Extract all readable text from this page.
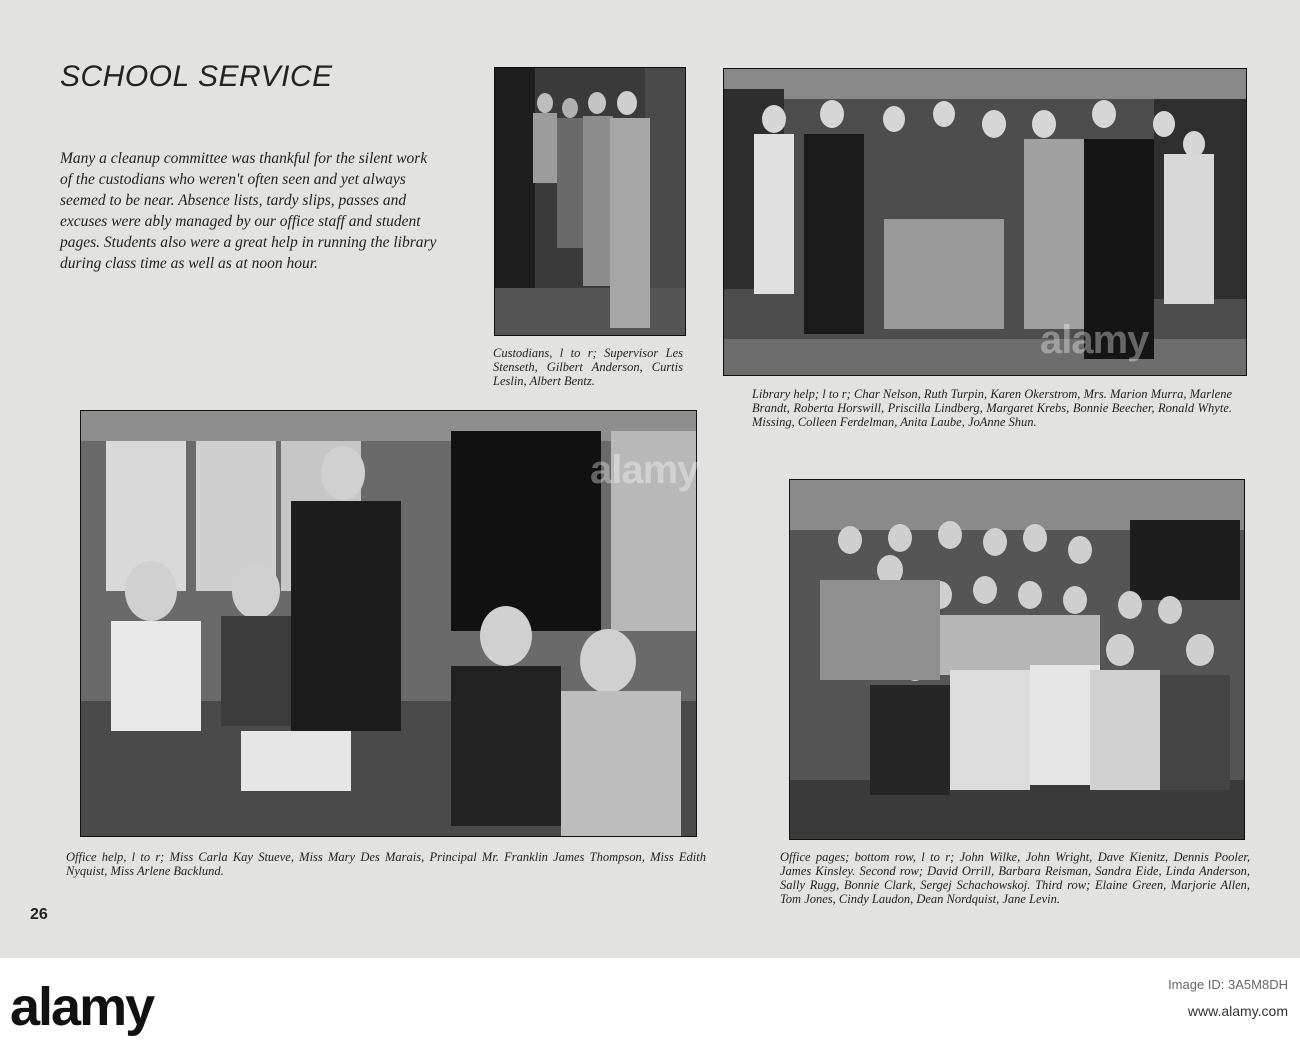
SCHOOL SERVICE

Many a cleanup committee was thankful for the silent work of the custodians who weren't often seen and yet always seemed to be near. Absence lists, tardy slips, passes and excuses were ably managed by our office staff and student pages. Students also were a great help in running the library during class time as well as at noon hour.

Custodians, l to r; Supervisor Les Stenseth, Gilbert Anderson, Curtis Leslin, Albert Bentz.

Library help; l to r; Char Nelson, Ruth Turpin, Karen Okerstrom, Mrs. Marion Murra, Marlene Brandt, Roberta Horswill, Priscilla Lindberg, Margaret Krebs, Bonnie Beecher, Ronald Whyte. Missing, Colleen Ferdelman, Anita Laube, JoAnne Shun.

Office help, l to r; Miss Carla Kay Stueve, Miss Mary Des Marais, Principal Mr. Franklin James Thompson, Miss Edith Nyquist, Miss Arlene Backlund.

Office pages; bottom row, l to r; John Wilke, John Wright, Dave Kienitz, Dennis Pooler, James Kinsley. Second row; David Orrill, Barbara Reisman, Sandra Eide, Linda Anderson, Sally Rugg, Bonnie Clark, Sergej Schachowskoj. Third row; Elaine Green, Marjorie Allen, Tom Jones, Cindy Laudon, Dean Nordquist, Jane Levin.

26
alamy
alamy
alamy	Image ID: 3A5M8DH
www.alamy.com
